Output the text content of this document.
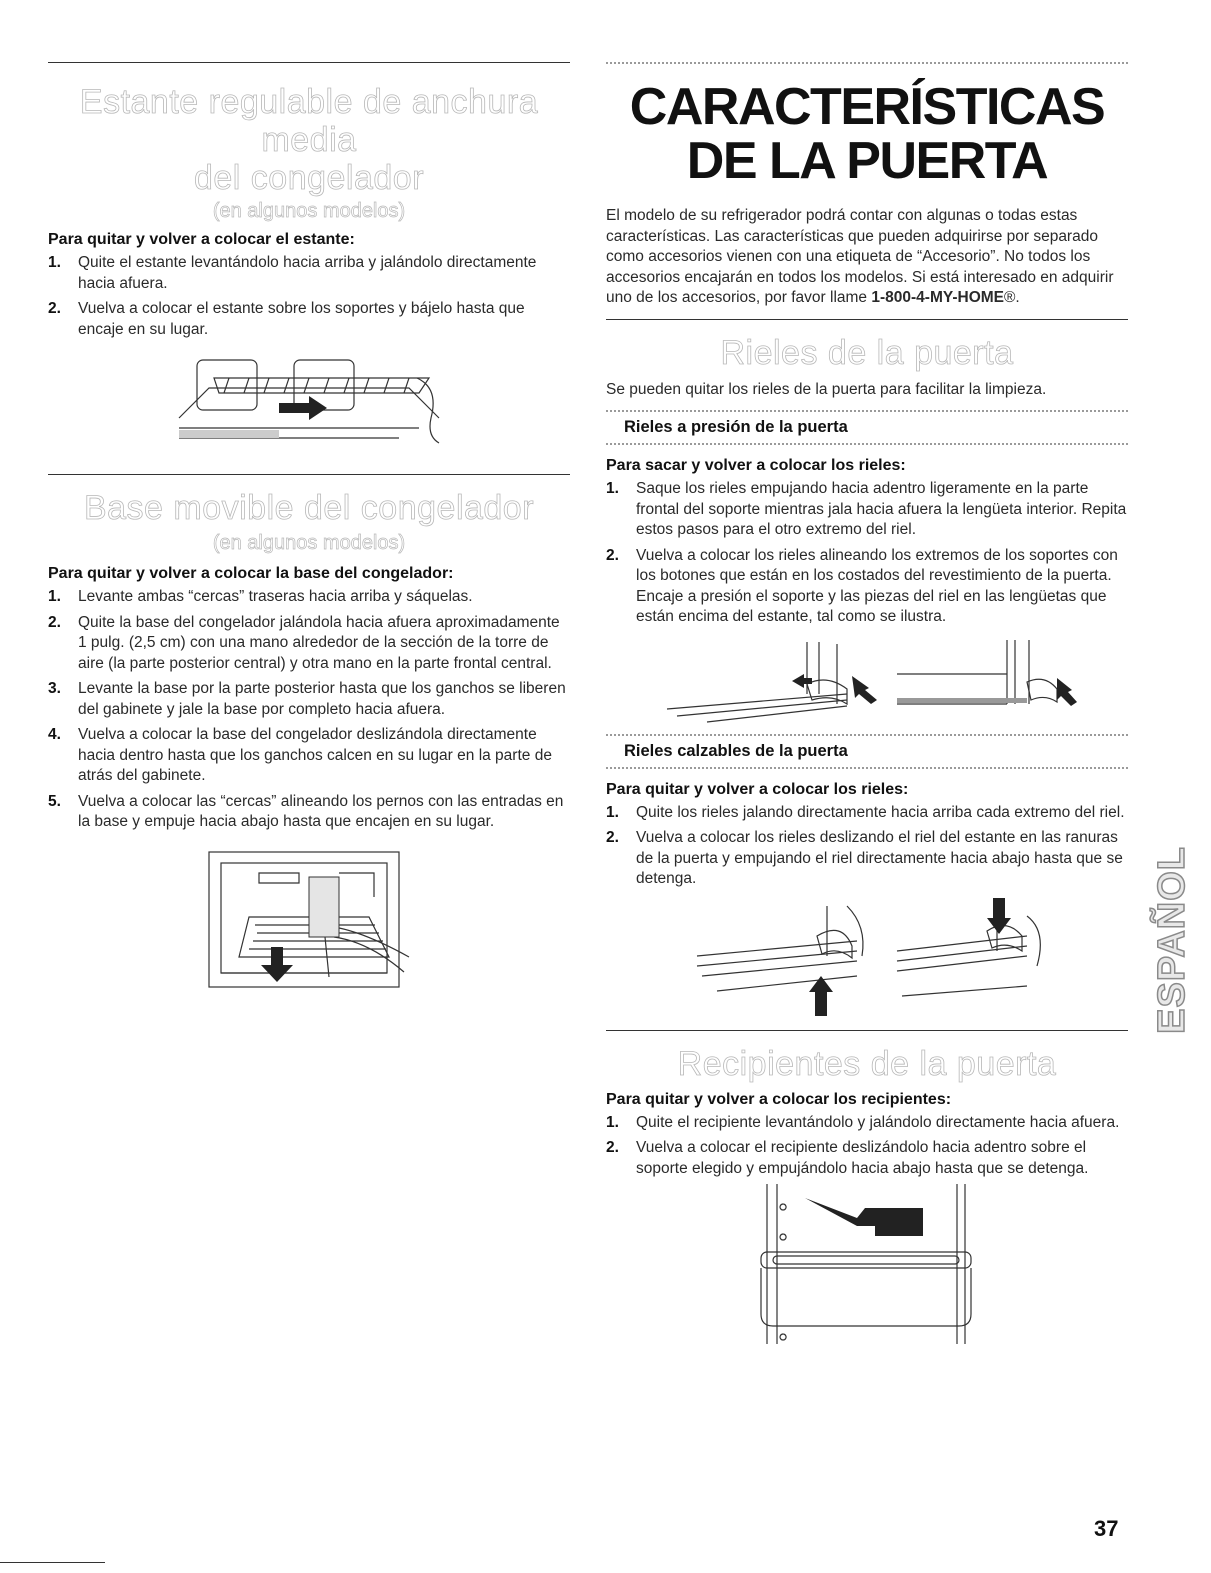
Estante regulable de anchura media
del congelador
(en algunos modelos)

Para quitar y volver a colocar el estante:

1. Quite el estante levantándolo hacia arriba y jalándolo directamente hacia afuera.
2. Vuelva a colocar el estante sobre los soportes y bájelo hasta que encaje en su lugar.
Base movible del congelador
(en algunos modelos)

Para quitar y volver a colocar la base del congelador:

1. Levante ambas “cercas” traseras hacia arriba y sáquelas.
2. Quite la base del congelador jalándola hacia afuera aproximadamente 1 pulg. (2,5 cm) con una mano alrededor de la sección de la torre de aire (la parte posterior central) y otra mano en la parte frontal central.
3. Levante la base por la parte posterior hasta que los ganchos se liberen del gabinete y jale la base por completo hacia afuera.
4. Vuelva a colocar la base del congelador deslizándola directamente hacia dentro hasta que los ganchos calcen en su lugar en la parte de atrás del gabinete.
5. Vuelva a colocar las “cercas” alineando los pernos con las entradas en la base y empuje hacia abajo hasta que encajen en su lugar.
CARACTERÍSTICAS
DE LA PUERTA

El modelo de su refrigerador podrá contar con algunas o todas estas características. Las características que pueden adquirirse por separado como accesorios vienen con una etiqueta de “Accesorio”. No todos los accesorios encajarán en todos los modelos. Si está interesado en adquirir uno de los accesorios, por favor llame 1-800-4-MY-HOME®.

Rieles de la puerta

Se pueden quitar los rieles de la puerta para facilitar la limpieza.

Rieles a presión de la puerta

Para sacar y volver a colocar los rieles:

1. Saque los rieles empujando hacia adentro ligeramente en la parte frontal del soporte mientras jala hacia afuera la lengüeta interior. Repita estos pasos para el otro extremo del riel.
2. Vuelva a colocar los rieles alineando los extremos de los soportes con los botones que están en los costados del revestimiento de la puerta. Encaje a presión el soporte y las piezas del riel en las lengüetas que están encima del estante, tal como se ilustra.

Rieles calzables de la puerta

Para quitar y volver a colocar los rieles:

1. Quite los rieles jalando directamente hacia arriba cada extremo del riel.
2. Vuelva a colocar los rieles deslizando el riel del estante en las ranuras de la puerta y empujando el riel directamente hacia abajo hasta que se detenga.
Recipientes de la puerta

Para quitar y volver a colocar los recipientes:

1. Quite el recipiente levantándolo y jalándolo directamente hacia afuera.
2. Vuelva a colocar el recipiente deslizándolo hacia adentro sobre el soporte elegido y empujándolo hacia abajo hasta que se detenga.
ESPAÑOL
37
